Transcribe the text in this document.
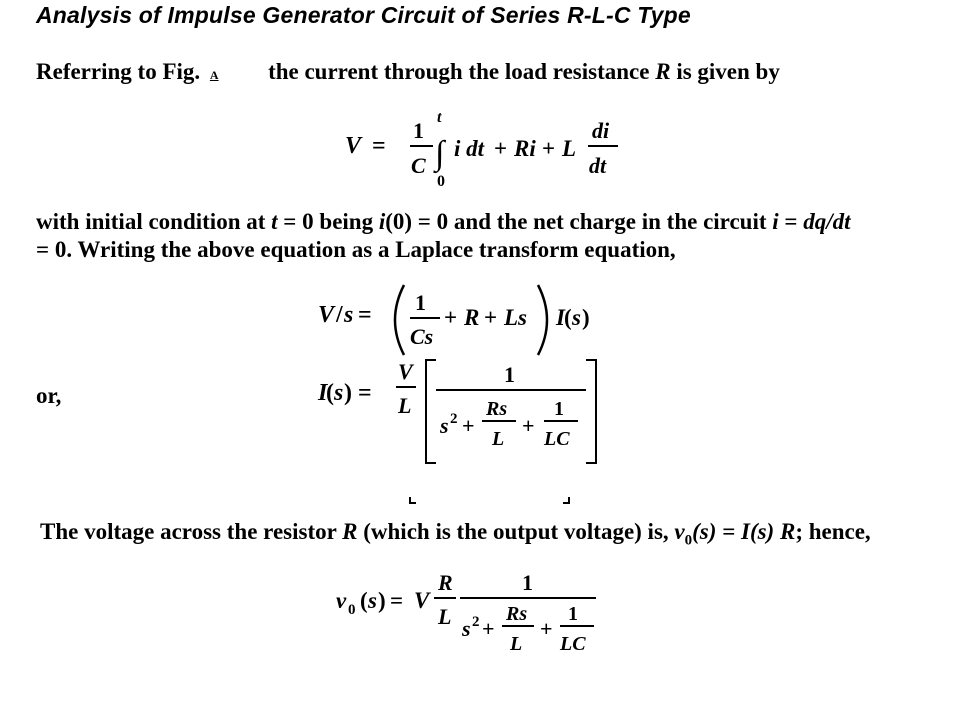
Analysis of Impulse Generator Circuit of Series R-L-C Type
Referring to Fig. A the current through the load resistance R is given by
V =
1
C
t
∫
0
i dt + Ri + L
di
dt
with initial condition at t = 0 being i(0) = 0 and the net charge in the circuit i = dq/dt
= 0. Writing the above equation as a Laplace transform equation,
V / s = 1
Cs
+ R + Ls I ( s )
or,	I
( s ) =
V
L
1
s 2 +
Rs
L
+
1
LC
The voltage across the resistor R (which is the output voltage) is, $v_0(s) = I(s)$ R; hence,
v 0 ( s ) = V
R
L
1
s 2 +
Rs
L
+
1
LC
